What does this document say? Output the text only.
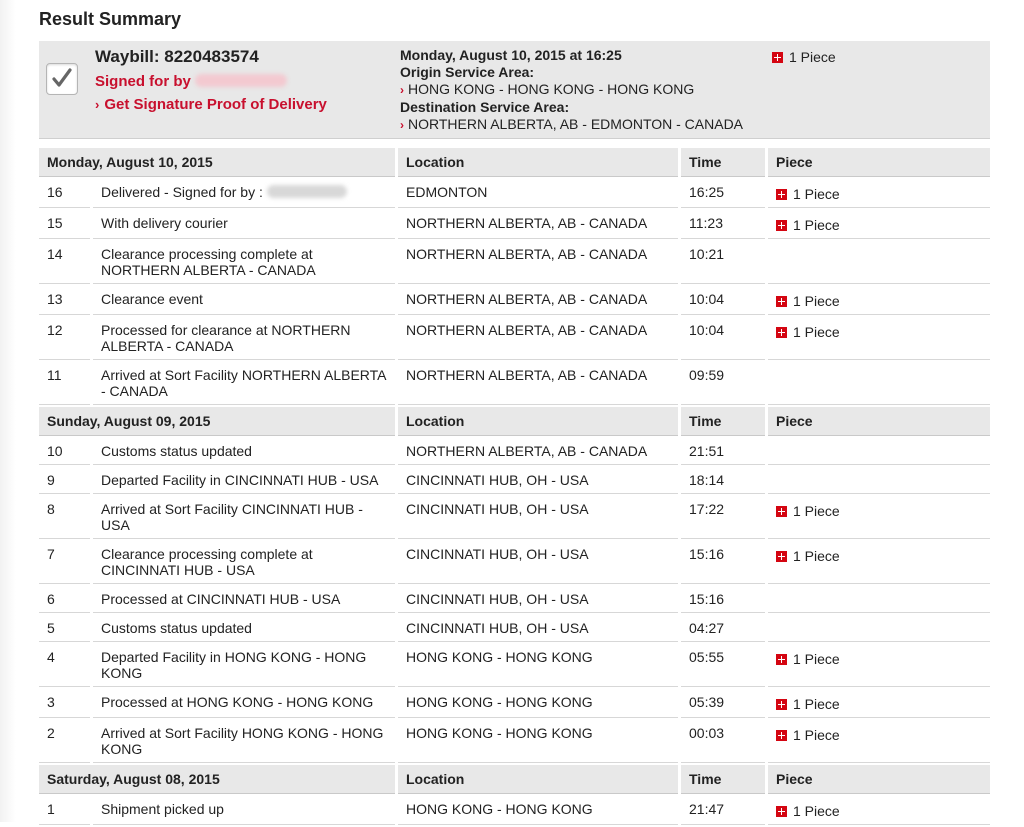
Result Summary
Waybill: 8220483574
Signed for by
› Get Signature Proof of Delivery
Monday, August 10, 2015 at 16:25
Origin Service Area:
› HONG KONG - HONG KONG - HONG KONG
Destination Service Area:
› NORTHERN ALBERTA, AB - EDMONTON - CANADA
1 Piece
Monday, August 10, 2015		Location	Time	Piece
16	Delivered - Signed for by :	EDMONTON	16:25	1 Piece
15	With delivery courier	NORTHERN ALBERTA, AB - CANADA	11:23	1 Piece
14	Clearance processing complete at NORTHERN ALBERTA - CANADA	NORTHERN ALBERTA, AB - CANADA	10:21	
13	Clearance event	NORTHERN ALBERTA, AB - CANADA	10:04	1 Piece
12	Processed for clearance at NORTHERN ALBERTA - CANADA	NORTHERN ALBERTA, AB - CANADA	10:04	1 Piece
11	Arrived at Sort Facility NORTHERN ALBERTA - CANADA	NORTHERN ALBERTA, AB - CANADA	09:59	
Sunday, August 09, 2015		Location	Time	Piece
10	Customs status updated	NORTHERN ALBERTA, AB - CANADA	21:51	
9	Departed Facility in CINCINNATI HUB - USA	CINCINNATI HUB, OH - USA	18:14	
8	Arrived at Sort Facility CINCINNATI HUB - USA	CINCINNATI HUB, OH - USA	17:22	1 Piece
7	Clearance processing complete at CINCINNATI HUB - USA	CINCINNATI HUB, OH - USA	15:16	1 Piece
6	Processed at CINCINNATI HUB - USA	CINCINNATI HUB, OH - USA	15:16	
5	Customs status updated	CINCINNATI HUB, OH - USA	04:27	
4	Departed Facility in HONG KONG - HONG KONG	HONG KONG - HONG KONG	05:55	1 Piece
3	Processed at HONG KONG - HONG KONG	HONG KONG - HONG KONG	05:39	1 Piece
2	Arrived at Sort Facility HONG KONG - HONG KONG	HONG KONG - HONG KONG	00:03	1 Piece
Saturday, August 08, 2015		Location	Time	Piece
1	Shipment picked up	HONG KONG - HONG KONG	21:47	1 Piece
